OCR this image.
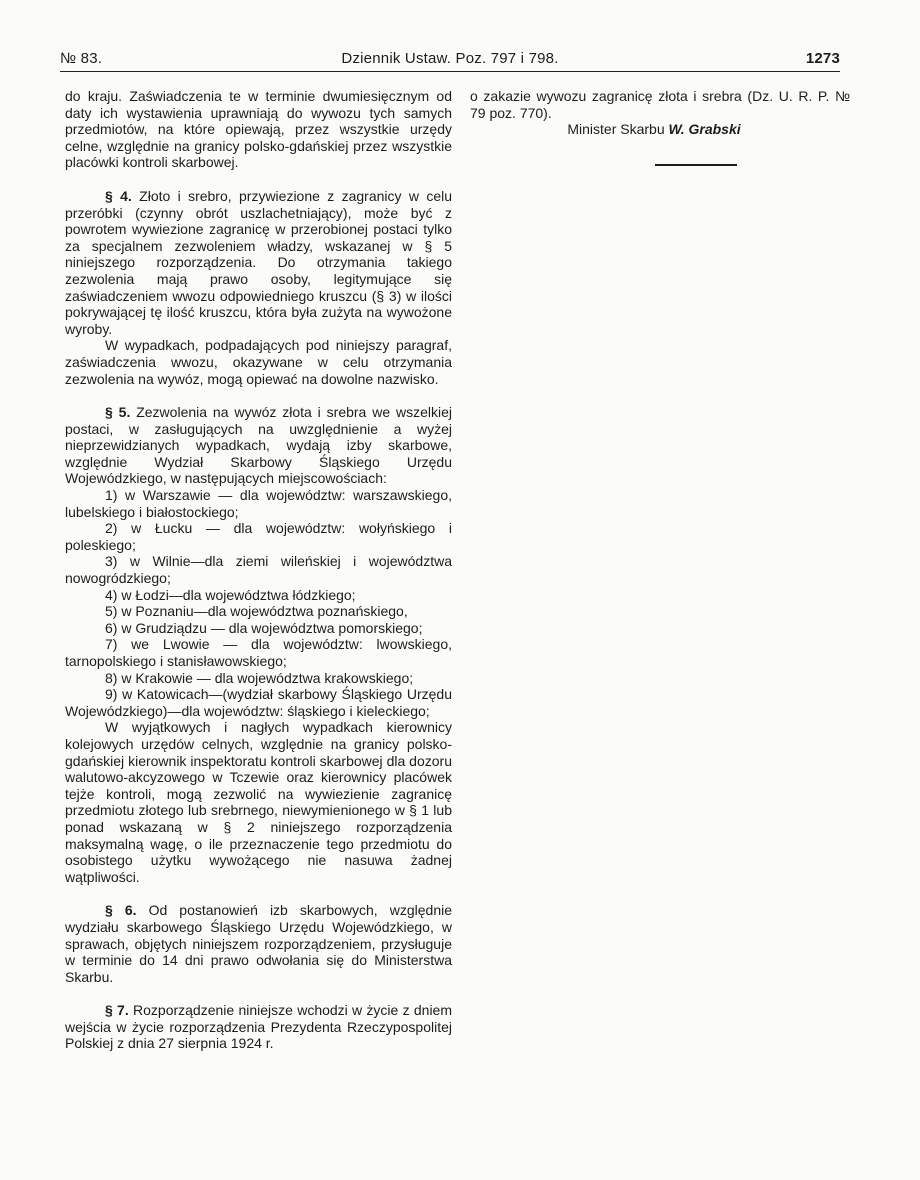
№ 83.	Dziennik Ustaw. Poz. 797 i 798.	1273

do kraju. Zaświadczenia te w terminie dwumiesięcznym od daty ich wystawienia uprawniają do wywozu tych samych przedmiotów, na które opiewają, przez wszystkie urzędy celne, względnie na granicy polsko-gdańskiej przez wszystkie placówki kontroli skarbowej.

§ 4. Złoto i srebro, przywiezione z zagranicy w celu przeróbki (czynny obrót uszlachetniający), może być z powrotem wywiezione zagranicę w przerobionej postaci tylko za specjalnem zezwoleniem władzy, wskazanej w § 5 niniejszego rozporządzenia. Do otrzymania takiego zezwolenia mają prawo osoby, legitymujące się zaświadczeniem wwozu odpowiedniego kruszcu (§ 3) w ilości pokrywającej tę ilość kruszcu, która była zużyta na wywożone wyroby.

W wypadkach, podpadających pod niniejszy paragraf, zaświadczenia wwozu, okazywane w celu otrzymania zezwolenia na wywóz, mogą opiewać na dowolne nazwisko.

§ 5. Zezwolenia na wywóz złota i srebra we wszelkiej postaci, w zasługujących na uwzględnienie a wyżej nieprzewidzianych wypadkach, wydają izby skarbowe, względnie Wydział Skarbowy Śląskiego Urzędu Wojewódzkiego, w następujących miejscowościach:

1) w Warszawie — dla województw: warszawskiego, lubelskiego i białostockiego;

2) w Łucku — dla województw: wołyńskiego i poleskiego;

3) w Wilnie—dla ziemi wileńskiej i województwa nowogródzkiego;

4) w Łodzi—dla województwa łódzkiego;

5) w Poznaniu—dla województwa poznańskiego,

6) w Grudziądzu — dla województwa pomorskiego;

7) we Lwowie — dla województw: lwowskiego, tarnopolskiego i stanisławowskiego;

8) w Krakowie — dla województwa krakowskiego;

9) w Katowicach—(wydział skarbowy Śląskiego Urzędu Wojewódzkiego)—dla województw: śląskiego i kieleckiego;

W wyjątkowych i nagłych wypadkach kierownicy kolejowych urzędów celnych, względnie na granicy polsko-gdańskiej kierownik inspektoratu kontroli skarbowej dla dozoru walutowo-akcyzowego w Tczewie oraz kierownicy placówek tejże kontroli, mogą zezwolić na wywiezienie zagranicę przedmiotu złotego lub srebrnego, niewymienionego w § 1 lub ponad wskazaną w § 2 niniejszego rozporządzenia maksymalną wagę, o ile przeznaczenie tego przedmiotu do osobistego użytku wywożącego nie nasuwa żadnej wątpliwości.

§ 6. Od postanowień izb skarbowych, względnie wydziału skarbowego Śląskiego Urzędu Wojewódzkiego, w sprawach, objętych niniejszem rozporządzeniem, przysługuje w terminie do 14 dni prawo odwołania się do Ministerstwa Skarbu.

§ 7. Rozporządzenie niniejsze wchodzi w życie z dniem wejścia w życie rozporządzenia Prezydenta Rzeczypospolitej Polskiej z dnia 27 sierpnia 1924 r.

o zakazie wywozu zagranicę złota i srebra (Dz. U. R. P. № 79 poz. 770).

Minister Skarbu W. Grabski
